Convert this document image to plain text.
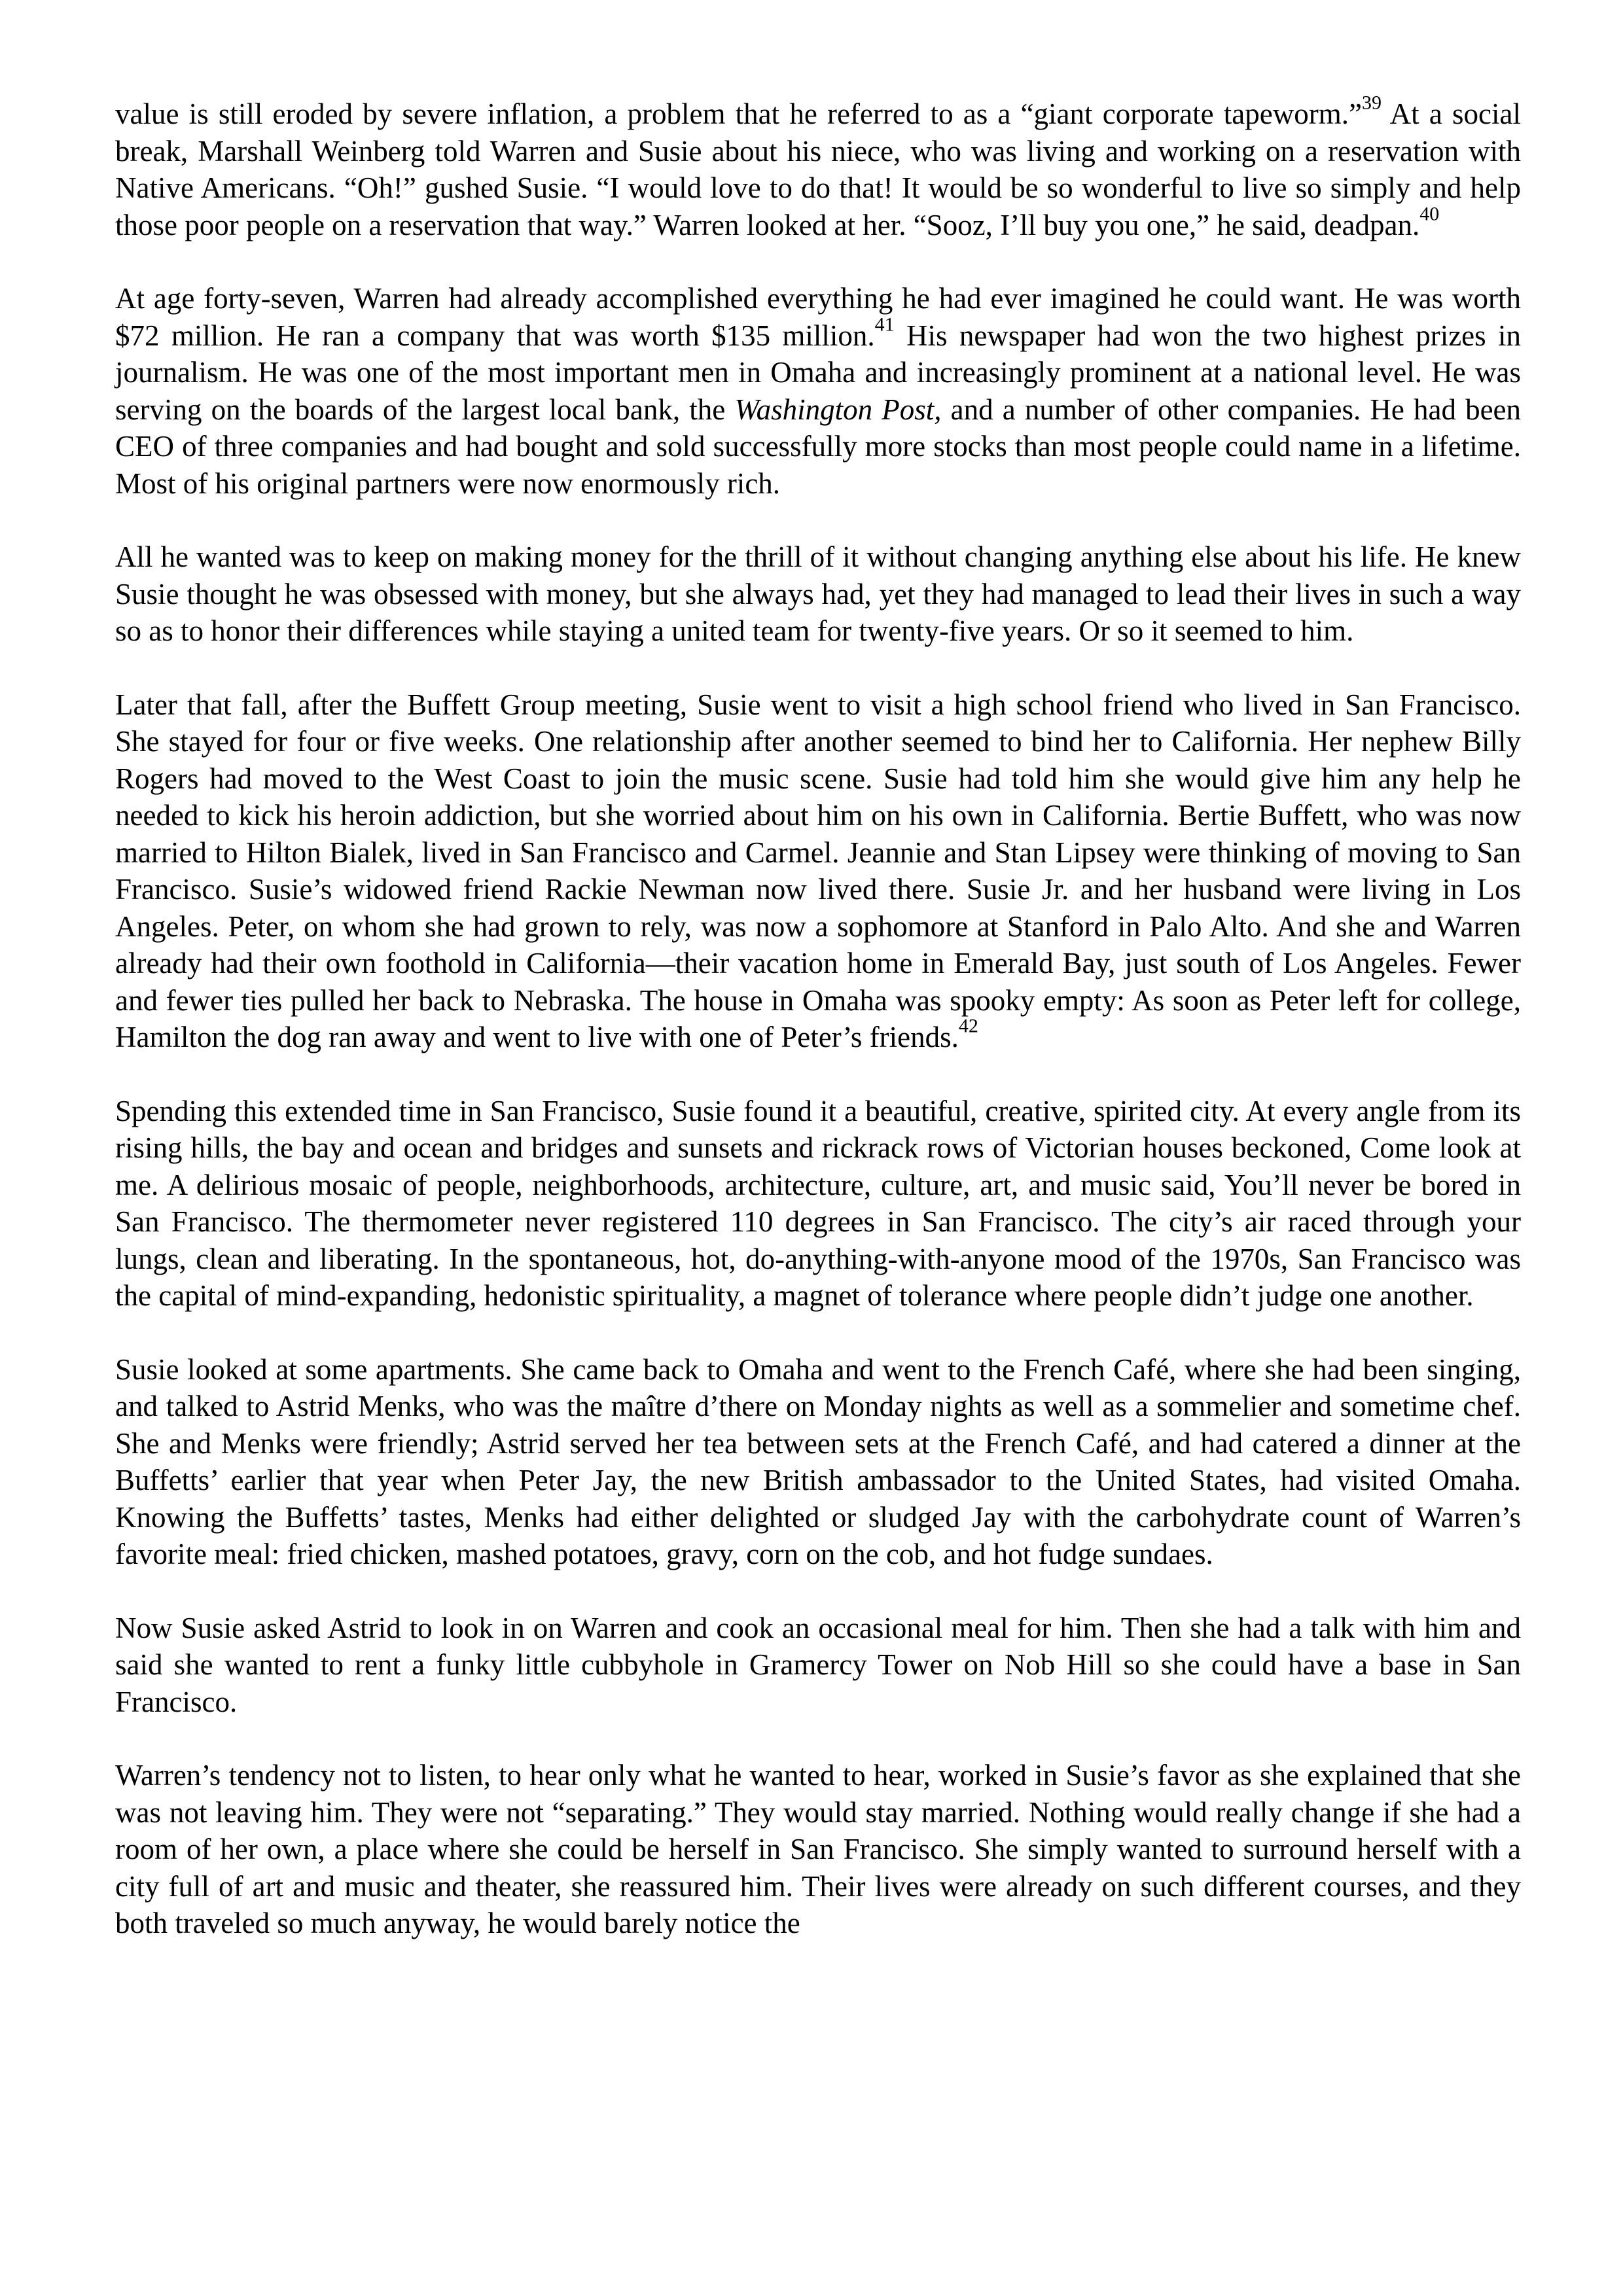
value is still eroded by severe inflation, a problem that he referred to as a “giant corporate tapeworm.”$^{39}$ At a social break, Marshall Weinberg told Warren and Susie about his niece, who was living and working on a reservation with Native Americans. “Oh!” gushed Susie. “I would love to do that! It would be so wonderful to live so simply and help those poor people on a reservation that way.” Warren looked at her. “Sooz, I’ll buy you one,” he said, deadpan.$^{40}$

At age forty-seven, Warren had already accomplished everything he had ever imagined he could want. He was worth $72 million. He ran a company that was worth $135 million.$^{41}$ His newspaper had won the two highest prizes in journalism. He was one of the most important men in Omaha and increasingly prominent at a national level. He was serving on the boards of the largest local bank, the Washington Post, and a number of other companies. He had been CEO of three companies and had bought and sold successfully more stocks than most people could name in a lifetime. Most of his original partners were now enormously rich.

All he wanted was to keep on making money for the thrill of it without changing anything else about his life. He knew Susie thought he was obsessed with money, but she always had, yet they had managed to lead their lives in such a way so as to honor their differences while staying a united team for twenty-five years. Or so it seemed to him.

Later that fall, after the Buffett Group meeting, Susie went to visit a high school friend who lived in San Francisco. She stayed for four or five weeks. One relationship after another seemed to bind her to California. Her nephew Billy Rogers had moved to the West Coast to join the music scene. Susie had told him she would give him any help he needed to kick his heroin addiction, but she worried about him on his own in California. Bertie Buffett, who was now married to Hilton Bialek, lived in San Francisco and Carmel. Jeannie and Stan Lipsey were thinking of moving to San Francisco. Susie’s widowed friend Rackie Newman now lived there. Susie Jr. and her husband were living in Los Angeles. Peter, on whom she had grown to rely, was now a sophomore at Stanford in Palo Alto. And she and Warren already had their own foothold in California—their vacation home in Emerald Bay, just south of Los Angeles. Fewer and fewer ties pulled her back to Nebraska. The house in Omaha was spooky empty: As soon as Peter left for college, Hamilton the dog ran away and went to live with one of Peter’s friends.$^{42}$

Spending this extended time in San Francisco, Susie found it a beautiful, creative, spirited city. At every angle from its rising hills, the bay and ocean and bridges and sunsets and rickrack rows of Victorian houses beckoned, Come look at me. A delirious mosaic of people, neighborhoods, architecture, culture, art, and music said, You’ll never be bored in San Francisco. The thermometer never registered 110 degrees in San Francisco. The city’s air raced through your lungs, clean and liberating. In the spontaneous, hot, do-anything-with-anyone mood of the 1970s, San Francisco was the capital of mind-expanding, hedonistic spirituality, a magnet of tolerance where people didn’t judge one another.

Susie looked at some apartments. She came back to Omaha and went to the French Café, where she had been singing, and talked to Astrid Menks, who was the maître d’there on Monday nights as well as a sommelier and sometime chef. She and Menks were friendly; Astrid served her tea between sets at the French Café, and had catered a dinner at the Buffetts’ earlier that year when Peter Jay, the new British ambassador to the United States, had visited Omaha. Knowing the Buffetts’ tastes, Menks had either delighted or sludged Jay with the carbohydrate count of Warren’s favorite meal: fried chicken, mashed potatoes, gravy, corn on the cob, and hot fudge sundaes.

Now Susie asked Astrid to look in on Warren and cook an occasional meal for him. Then she had a talk with him and said she wanted to rent a funky little cubbyhole in Gramercy Tower on Nob Hill so she could have a base in San Francisco.

Warren’s tendency not to listen, to hear only what he wanted to hear, worked in Susie’s favor as she explained that she was not leaving him. They were not “separating.” They would stay married. Nothing would really change if she had a room of her own, a place where she could be herself in San Francisco. She simply wanted to surround herself with a city full of art and music and theater, she reassured him. Their lives were already on such different courses, and they both traveled so much anyway, he would barely notice the
